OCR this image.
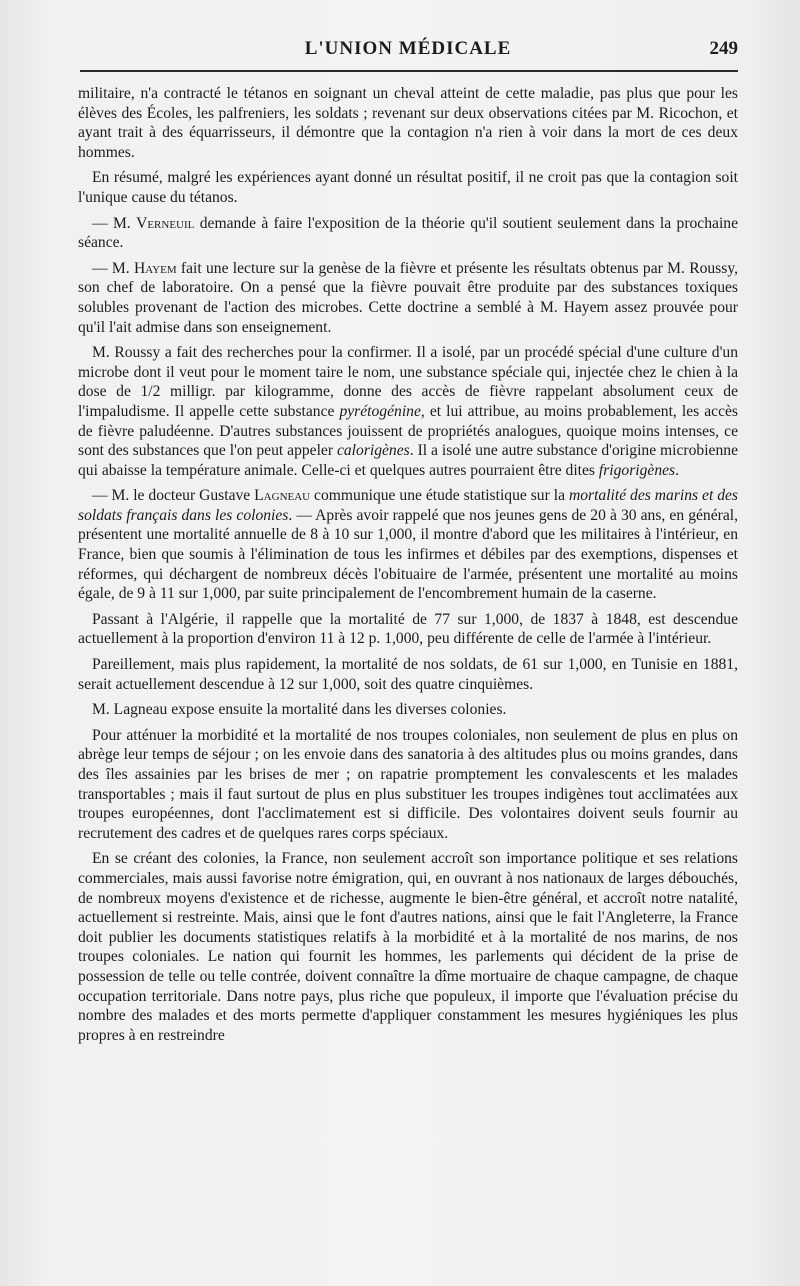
L'UNION MÉDICALE	249

militaire, n'a contracté le tétanos en soignant un cheval atteint de cette maladie, pas plus que pour les élèves des Écoles, les palfreniers, les soldats ; revenant sur deux observations citées par M. Ricochon, et ayant trait à des équarrisseurs, il démontre que la contagion n'a rien à voir dans la mort de ces deux hommes.

En résumé, malgré les expériences ayant donné un résultat positif, il ne croit pas que la contagion soit l'unique cause du tétanos.

— M. Verneuil demande à faire l'exposition de la théorie qu'il soutient seulement dans la prochaine séance.

— M. Hayem fait une lecture sur la genèse de la fièvre et présente les résultats obtenus par M. Roussy, son chef de laboratoire. On a pensé que la fièvre pouvait être produite par des substances toxiques solubles provenant de l'action des microbes. Cette doctrine a semblé à M. Hayem assez prouvée pour qu'il l'ait admise dans son enseignement.

M. Roussy a fait des recherches pour la confirmer. Il a isolé, par un procédé spécial d'une culture d'un microbe dont il veut pour le moment taire le nom, une substance spéciale qui, injectée chez le chien à la dose de 1/2 milligr. par kilogramme, donne des accès de fièvre rappelant absolument ceux de l'impaludisme. Il appelle cette substance pyrétogénine, et lui attribue, au moins probablement, les accès de fièvre paludéenne. D'autres substances jouissent de propriétés analogues, quoique moins intenses, ce sont des substances que l'on peut appeler calorigènes. Il a isolé une autre substance d'origine microbienne qui abaisse la température animale. Celle-ci et quelques autres pourraient être dites frigorigènes.

— M. le docteur Gustave Lagneau communique une étude statistique sur la mortalité des marins et des soldats français dans les colonies. — Après avoir rappelé que nos jeunes gens de 20 à 30 ans, en général, présentent une mortalité annuelle de 8 à 10 sur 1,000, il montre d'abord que les militaires à l'intérieur, en France, bien que soumis à l'élimination de tous les infirmes et débiles par des exemptions, dispenses et réformes, qui déchargent de nombreux décès l'obituaire de l'armée, présentent une mortalité au moins égale, de 9 à 11 sur 1,000, par suite principalement de l'encombrement humain de la caserne.

Passant à l'Algérie, il rappelle que la mortalité de 77 sur 1,000, de 1837 à 1848, est descendue actuellement à la proportion d'environ 11 à 12 p. 1,000, peu différente de celle de l'armée à l'intérieur.

Pareillement, mais plus rapidement, la mortalité de nos soldats, de 61 sur 1,000, en Tunisie en 1881, serait actuellement descendue à 12 sur 1,000, soit des quatre cinquièmes.

M. Lagneau expose ensuite la mortalité dans les diverses colonies.

Pour atténuer la morbidité et la mortalité de nos troupes coloniales, non seulement de plus en plus on abrège leur temps de séjour ; on les envoie dans des sanatoria à des altitudes plus ou moins grandes, dans des îles assainies par les brises de mer ; on rapatrie promptement les convalescents et les malades transportables ; mais il faut surtout de plus en plus substituer les troupes indigènes tout acclimatées aux troupes européennes, dont l'acclimatement est si difficile. Des volontaires doivent seuls fournir au recrutement des cadres et de quelques rares corps spéciaux.

En se créant des colonies, la France, non seulement accroît son importance politique et ses relations commerciales, mais aussi favorise notre émigration, qui, en ouvrant à nos nationaux de larges débouchés, de nombreux moyens d'existence et de richesse, augmente le bien-être général, et accroît notre natalité, actuellement si restreinte. Mais, ainsi que le font d'autres nations, ainsi que le fait l'Angleterre, la France doit publier les documents statistiques relatifs à la morbidité et à la mortalité de nos marins, de nos troupes coloniales. Le nation qui fournit les hommes, les parlements qui décident de la prise de possession de telle ou telle contrée, doivent connaître la dîme mortuaire de chaque campagne, de chaque occupation territoriale. Dans notre pays, plus riche que populeux, il importe que l'évaluation précise du nombre des malades et des morts permette d'appliquer constamment les mesures hygiéniques les plus propres à en restreindre
